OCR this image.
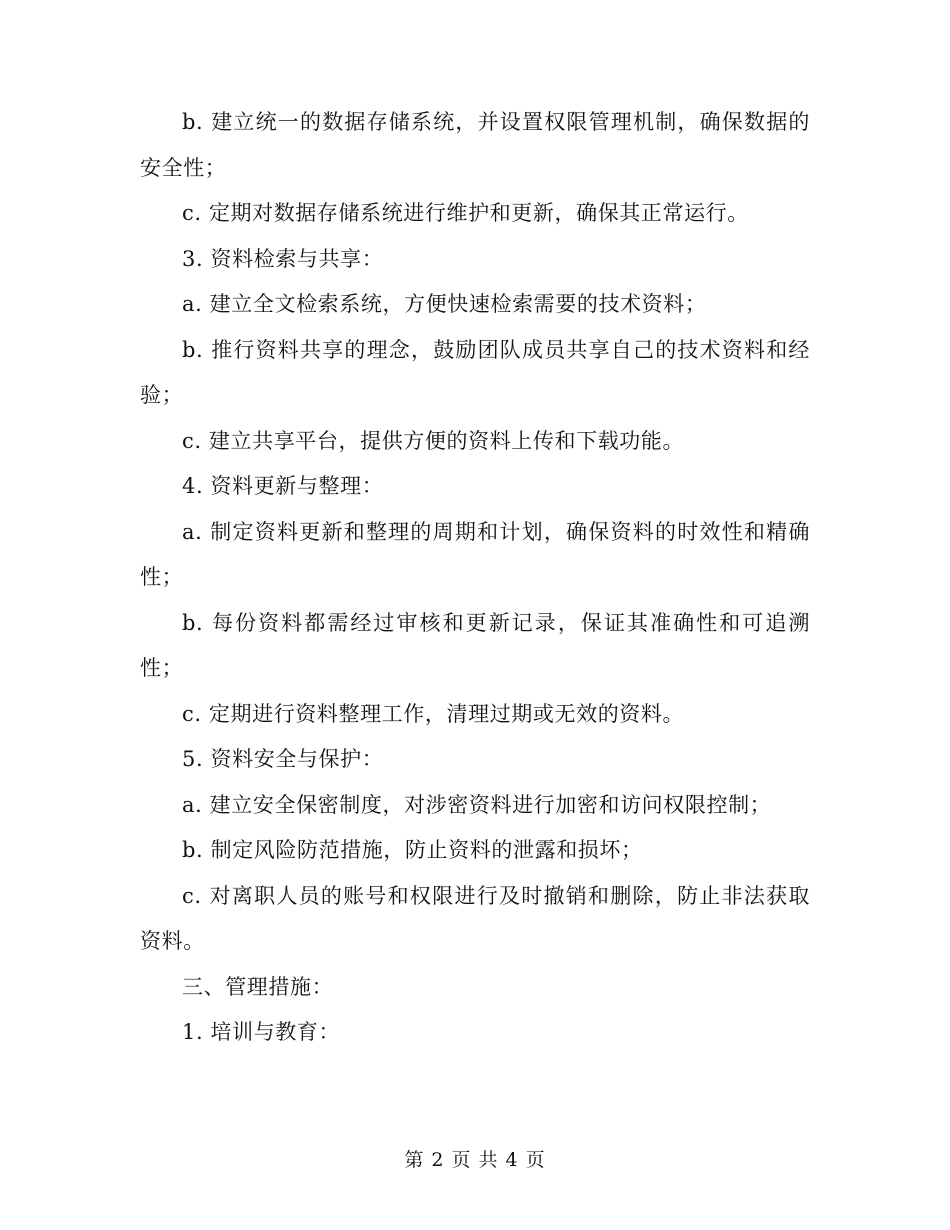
b. 建立统一的数据存储系统，并设置权限管理机制，确保数据的安全性；

c. 定期对数据存储系统进行维护和更新，确保其正常运行。

3. 资料检索与共享：

a. 建立全文检索系统，方便快速检索需要的技术资料；

b. 推行资料共享的理念，鼓励团队成员共享自己的技术资料和经验；

c. 建立共享平台，提供方便的资料上传和下载功能。

4. 资料更新与整理：

a. 制定资料更新和整理的周期和计划，确保资料的时效性和精确性；

b. 每份资料都需经过审核和更新记录，保证其准确性和可追溯性；

c. 定期进行资料整理工作，清理过期或无效的资料。

5. 资料安全与保护：

a. 建立安全保密制度，对涉密资料进行加密和访问权限控制；

b. 制定风险防范措施，防止资料的泄露和损坏；

c. 对离职人员的账号和权限进行及时撤销和删除，防止非法获取资料。

三、管理措施：

1. 培训与教育：

第 2 页 共 4 页
